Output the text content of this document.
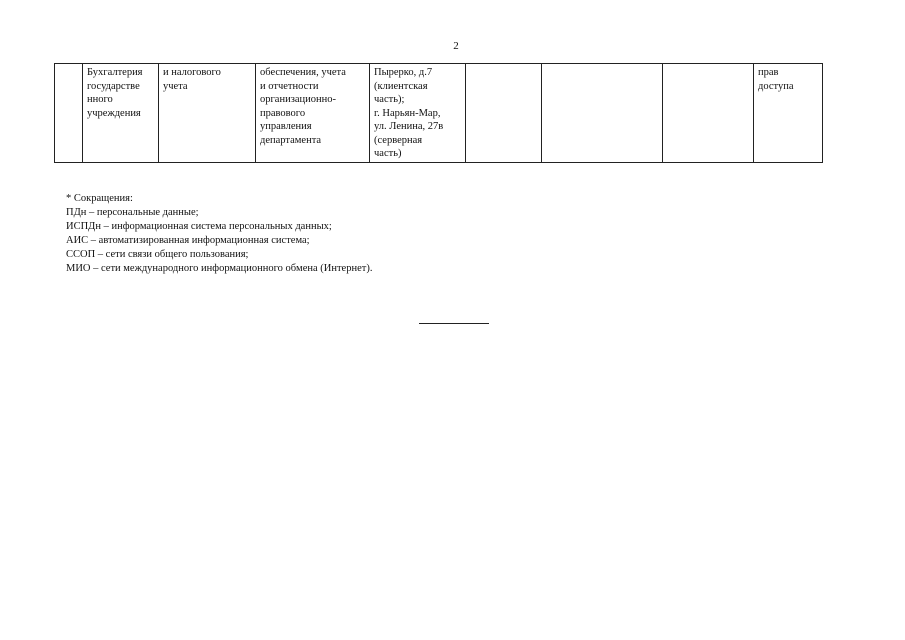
2
	Бухгалтерия
государстве
нного
учреждения	и налогового
учета	обеспечения, учета
и отчетности
организационно-
правового
управления
департамента	Пырерко, д.7
(клиентская
часть);
г. Нарьян-Мар,
ул. Ленина, 27в
(серверная
часть)				прав
доступа
* Сокращения:
ПДн – персональные данные;
ИСПДн – информационная система персональных данных;
АИС – автоматизированная информационная система;
ССОП – сети связи общего пользования;
МИО – сети международного информационного обмена (Интернет).
